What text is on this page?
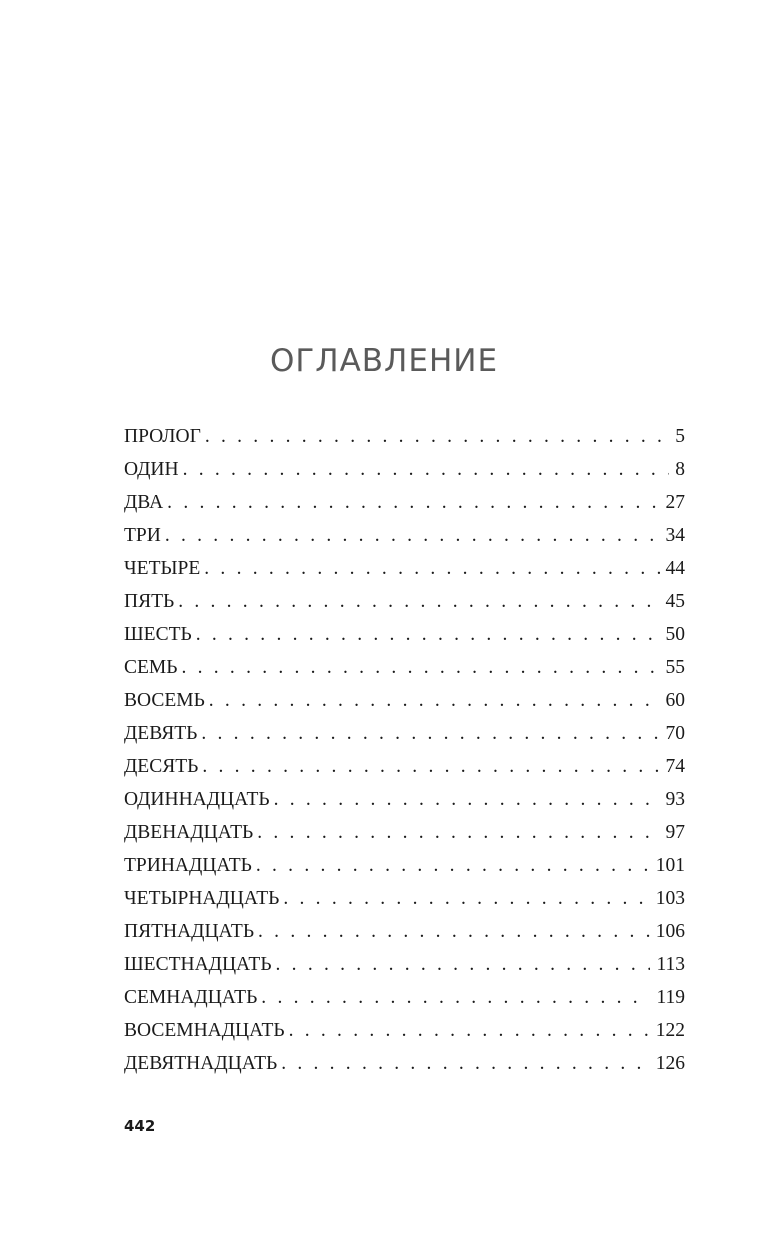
ОГЛАВЛЕНИЕ
ПРОЛОГ . . .	5
ОДИН . . .	8
ДВА . . .	27
ТРИ . . .	34
ЧЕТЫРЕ . . .	44
ПЯТЬ . . .	45
ШЕСТЬ . . .	50
СЕМЬ . . .	55
ВОСЕМЬ . . .	60
ДЕВЯТЬ . . .	70
ДЕСЯТЬ . . .	74
ОДИННАДЦАТЬ . . .	93
ДВЕНАДЦАТЬ . . .	97
ТРИНАДЦАТЬ . . .	101
ЧЕТЫРНАДЦАТЬ . . .	103
ПЯТНАДЦАТЬ . . .	106
ШЕСТНАДЦАТЬ . . .	113
СЕМНАДЦАТЬ . . .	119
ВОСЕМНАДЦАТЬ . . .	122
ДЕВЯТНАДЦАТЬ . . .	126
442
